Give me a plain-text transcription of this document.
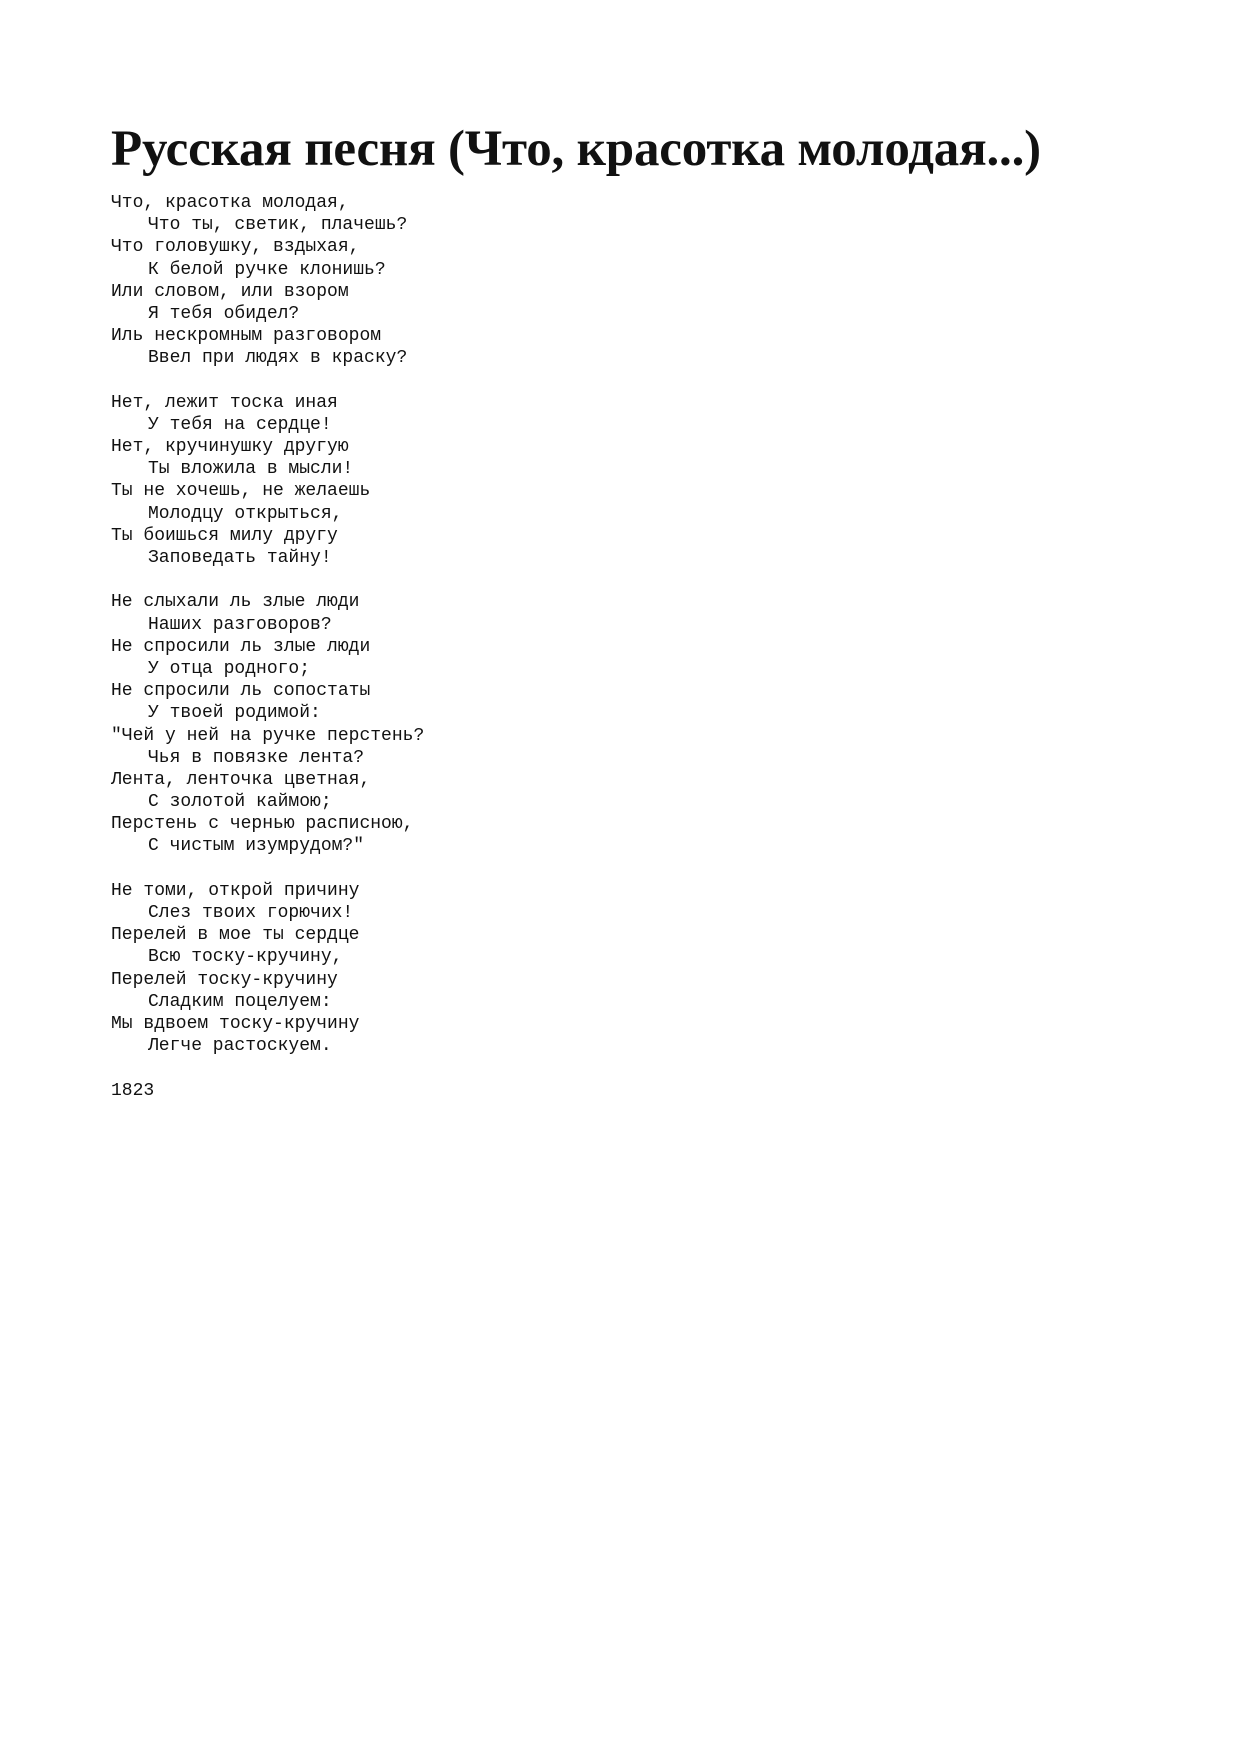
Русская песня (Что, красотка молодая...)
Что, красотка молодая,
Что ты, светик, плачешь?
Что головушку, вздыхая,
К белой ручке клонишь?
Или словом, или взором
Я тебя обидел?
Иль нескромным разговором
Ввел при людях в краску?
Нет, лежит тоска иная
У тебя на сердце!
Нет, кручинушку другую
Ты вложила в мысли!
Ты не хочешь, не желаешь
Молодцу открыться,
Ты боишься милу другу
Заповедать тайну!
Не слыхали ль злые люди
Наших разговоров?
Не спросили ль злые люди
У отца родного;
Не спросили ль сопостаты
У твоей родимой:
"Чей у ней на ручке перстень?
Чья в повязке лента?
Лента, ленточка цветная,
С золотой каймою;
Перстень с чернью расписною,
С чистым изумрудом?"
Не томи, открой причину
Слез твоих горючих!
Перелей в мое ты сердце
Всю тоску-кручину,
Перелей тоску-кручину
Сладким поцелуем:
Мы вдвоем тоску-кручину
Легче растоскуем.
1823
